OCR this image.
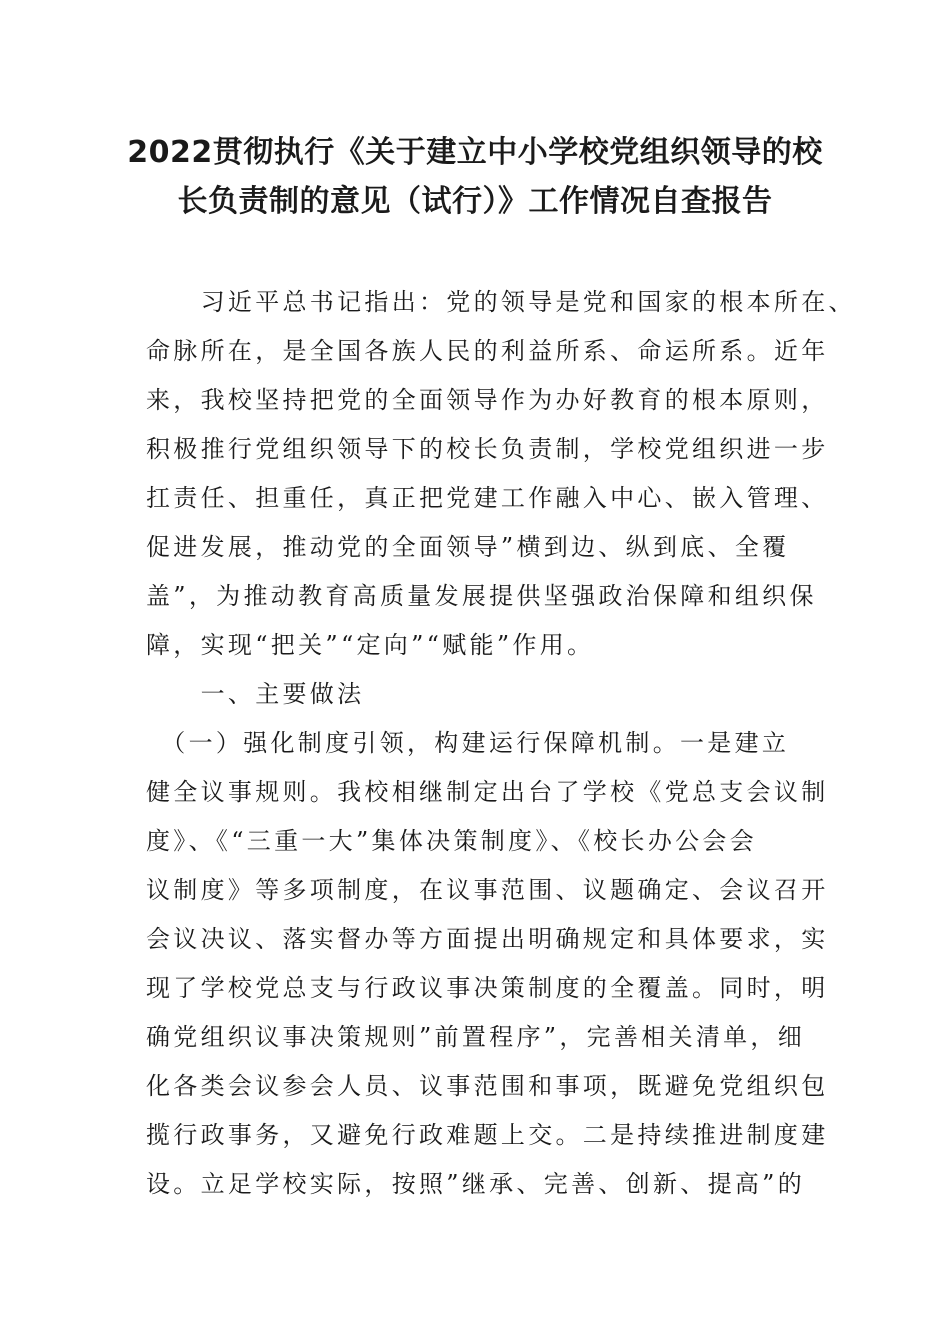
2022贯彻执行《关于建立中小学校党组织领导的校
长负责制的意见（试行）》工作情况自查报告
　　习近平总书记指出：党的领导是党和国家的根本所在、
命脉所在，是全国各族人民的利益所系、命运所系。近年
来，我校坚持把党的全面领导作为办好教育的根本原则，
积极推行党组织领导下的校长负责制，学校党组织进一步
扛责任、担重任，真正把党建工作融入中心、嵌入管理、
促进发展，推动党的全面领导”横到边、纵到底、全覆
盖”，为推动教育高质量发展提供坚强政治保障和组织保
障，实现“把关”“定向”“赋能”作用。
　　一、主要做法
　（一）强化制度引领，构建运行保障机制。一是建立
健全议事规则。我校相继制定出台了学校《党总支会议制
度》、《“三重一大”集体决策制度》、《校长办公会会
议制度》等多项制度，在议事范围、议题确定、会议召开
会议决议、落实督办等方面提出明确规定和具体要求，实
现了学校党总支与行政议事决策制度的全覆盖。同时，明
确党组织议事决策规则”前置程序”，完善相关清单，细
化各类会议参会人员、议事范围和事项，既避免党组织包
揽行政事务，又避免行政难题上交。二是持续推进制度建
设。立足学校实际，按照”继承、完善、创新、提高”的
